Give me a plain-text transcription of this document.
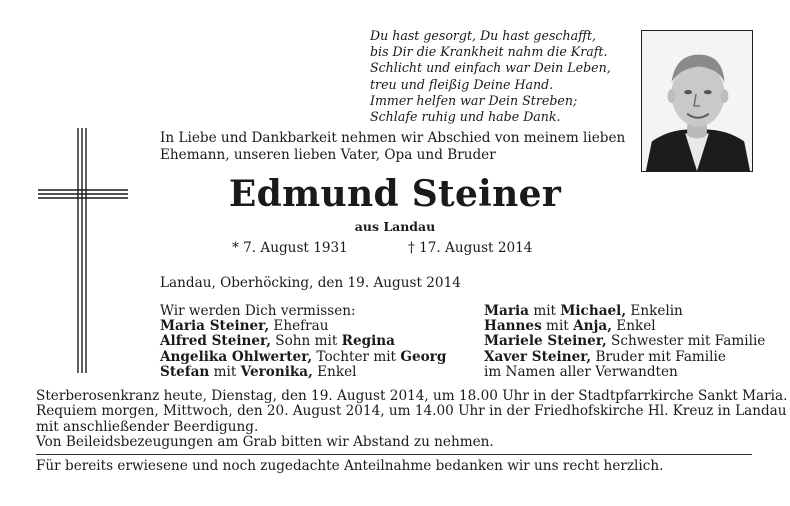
Du hast gesorgt, Du hast geschafft,
bis Dir die Krankheit nahm die Kraft.
Schlicht und einfach war Dein Leben,
treu und fleißig Deine Hand.
Immer helfen war Dein Streben;
Schlafe ruhig und habe Dank.
In Liebe und Dankbarkeit nehmen wir Abschied von meinem lieben
Ehemann, unseren lieben Vater, Opa und Bruder
Edmund Steiner
aus Landau
* 7. August 1931	† 17. August 2014
Landau, Oberhöcking, den 19. August 2014
Wir werden Dich vermissen:
Maria Steiner, Ehefrau
Alfred Steiner, Sohn mit Regina
Angelika Ohlwerter, Tochter mit Georg
Stefan mit Veronika, Enkel
Maria mit Michael, Enkelin
Hannes mit Anja, Enkel
Mariele Steiner, Schwester mit Familie
Xaver Steiner, Bruder mit Familie
im Namen aller Verwandten
Sterberosenkranz heute, Dienstag, den 19. August 2014, um 18.00 Uhr in der Stadtpfarrkirche Sankt Maria.
Requiem morgen, Mittwoch, den 20. August 2014, um 14.00 Uhr in der Friedhofskirche Hl. Kreuz in Landau
mit anschließender Beerdigung.
Von Beileidsbezeugungen am Grab bitten wir Abstand zu nehmen.
Für bereits erwiesene und noch zugedachte Anteilnahme bedanken wir uns recht herzlich.
